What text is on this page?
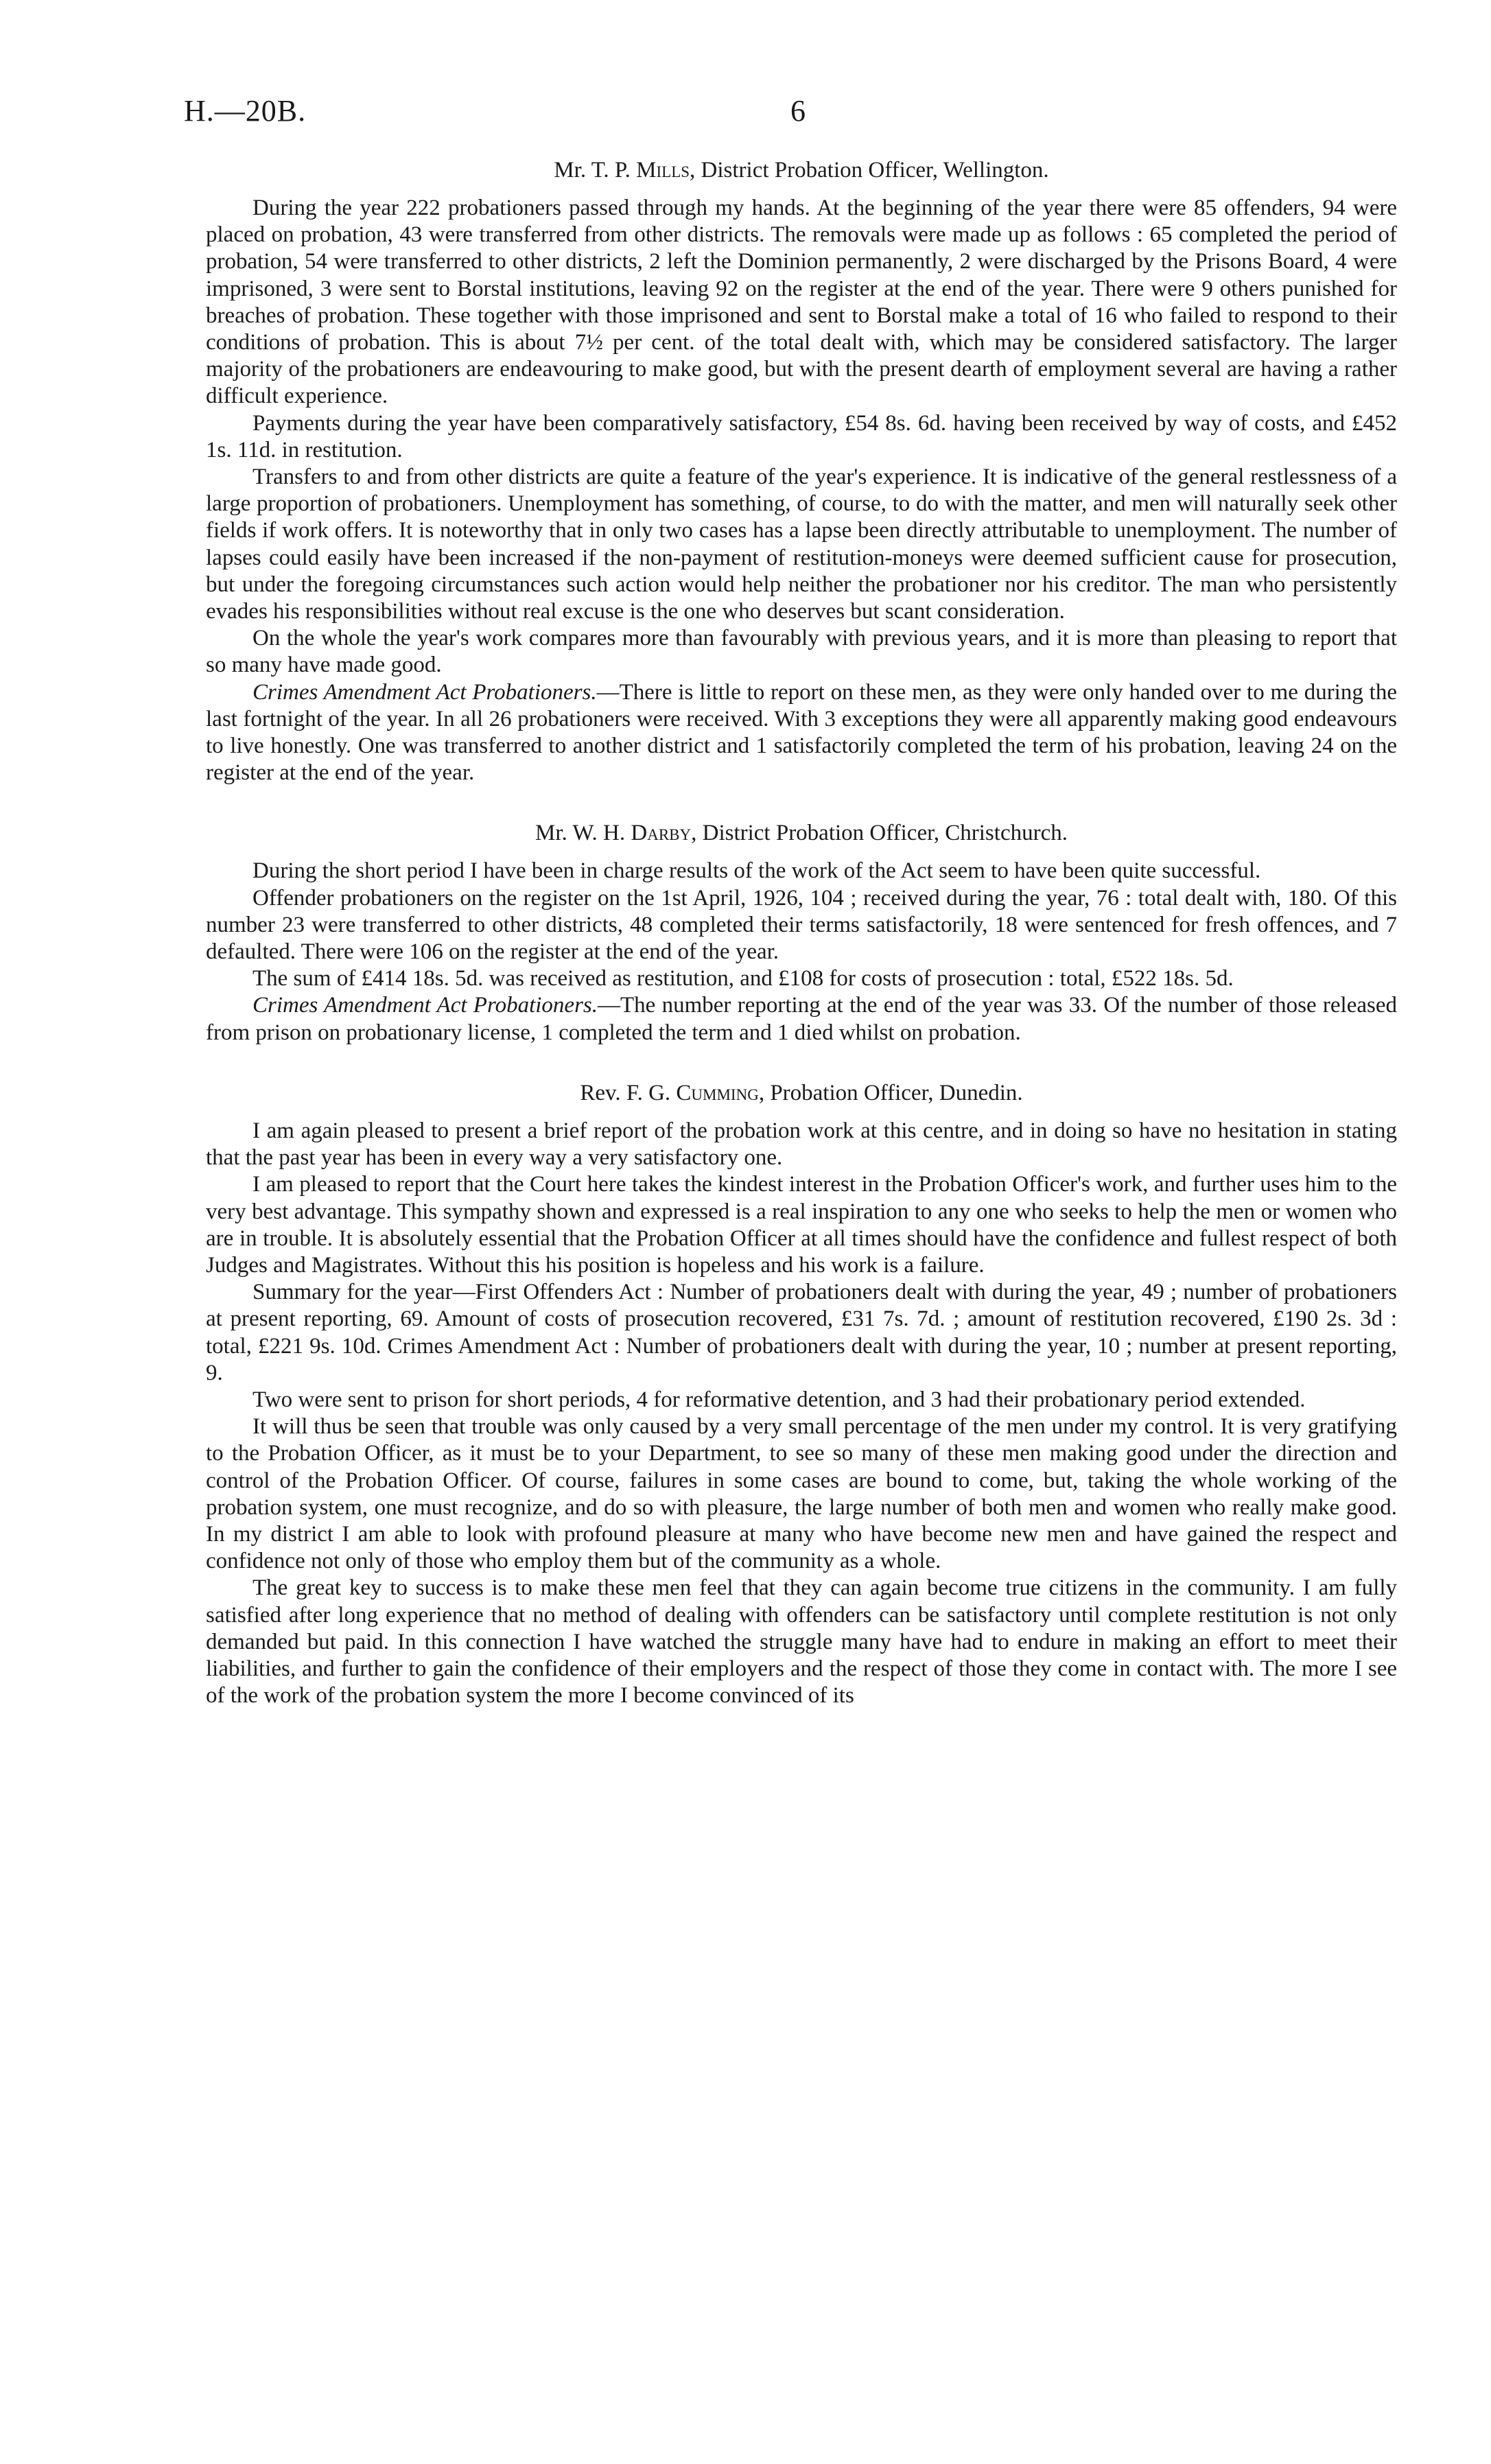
H.—20B.	6

Mr. T. P. Mills, District Probation Officer, Wellington.

During the year 222 probationers passed through my hands. At the beginning of the year there were 85 offenders, 94 were placed on probation, 43 were transferred from other districts. The removals were made up as follows : 65 completed the period of probation, 54 were transferred to other districts, 2 left the Dominion permanently, 2 were discharged by the Prisons Board, 4 were imprisoned, 3 were sent to Borstal institutions, leaving 92 on the register at the end of the year. There were 9 others punished for breaches of probation. These together with those imprisoned and sent to Borstal make a total of 16 who failed to respond to their conditions of probation. This is about 7½ per cent. of the total dealt with, which may be considered satisfactory. The larger majority of the probationers are endeavouring to make good, but with the present dearth of employment several are having a rather difficult experience.

Payments during the year have been comparatively satisfactory, £54 8s. 6d. having been received by way of costs, and £452 1s. 11d. in restitution.

Transfers to and from other districts are quite a feature of the year's experience. It is indicative of the general restlessness of a large proportion of probationers. Unemployment has something, of course, to do with the matter, and men will naturally seek other fields if work offers. It is noteworthy that in only two cases has a lapse been directly attributable to unemployment. The number of lapses could easily have been increased if the non-payment of restitution-moneys were deemed sufficient cause for prosecution, but under the foregoing circumstances such action would help neither the probationer nor his creditor. The man who persistently evades his responsibilities without real excuse is the one who deserves but scant consideration.

On the whole the year's work compares more than favourably with previous years, and it is more than pleasing to report that so many have made good.

Crimes Amendment Act Probationers.—There is little to report on these men, as they were only handed over to me during the last fortnight of the year. In all 26 probationers were received. With 3 exceptions they were all apparently making good endeavours to live honestly. One was transferred to another district and 1 satisfactorily completed the term of his probation, leaving 24 on the register at the end of the year.

Mr. W. H. Darby, District Probation Officer, Christchurch.

During the short period I have been in charge results of the work of the Act seem to have been quite successful.

Offender probationers on the register on the 1st April, 1926, 104 ; received during the year, 76 : total dealt with, 180. Of this number 23 were transferred to other districts, 48 completed their terms satisfactorily, 18 were sentenced for fresh offences, and 7 defaulted. There were 106 on the register at the end of the year.

The sum of £414 18s. 5d. was received as restitution, and £108 for costs of prosecution : total, £522 18s. 5d.

Crimes Amendment Act Probationers.—The number reporting at the end of the year was 33. Of the number of those released from prison on probationary license, 1 completed the term and 1 died whilst on probation.

Rev. F. G. Cumming, Probation Officer, Dunedin.

I am again pleased to present a brief report of the probation work at this centre, and in doing so have no hesitation in stating that the past year has been in every way a very satisfactory one.

I am pleased to report that the Court here takes the kindest interest in the Probation Officer's work, and further uses him to the very best advantage. This sympathy shown and expressed is a real inspiration to any one who seeks to help the men or women who are in trouble. It is absolutely essential that the Probation Officer at all times should have the confidence and fullest respect of both Judges and Magistrates. Without this his position is hopeless and his work is a failure.

Summary for the year—First Offenders Act : Number of probationers dealt with during the year, 49 ; number of probationers at present reporting, 69. Amount of costs of prosecution recovered, £31 7s. 7d. ; amount of restitution recovered, £190 2s. 3d : total, £221 9s. 10d. Crimes Amendment Act : Number of probationers dealt with during the year, 10 ; number at present reporting, 9.

Two were sent to prison for short periods, 4 for reformative detention, and 3 had their probationary period extended.

It will thus be seen that trouble was only caused by a very small percentage of the men under my control. It is very gratifying to the Probation Officer, as it must be to your Department, to see so many of these men making good under the direction and control of the Probation Officer. Of course, failures in some cases are bound to come, but, taking the whole working of the probation system, one must recognize, and do so with pleasure, the large number of both men and women who really make good. In my district I am able to look with profound pleasure at many who have become new men and have gained the respect and confidence not only of those who employ them but of the community as a whole.

The great key to success is to make these men feel that they can again become true citizens in the community. I am fully satisfied after long experience that no method of dealing with offenders can be satisfactory until complete restitution is not only demanded but paid. In this connection I have watched the struggle many have had to endure in making an effort to meet their liabilities, and further to gain the confidence of their employers and the respect of those they come in contact with. The more I see of the work of the probation system the more I become convinced of its
